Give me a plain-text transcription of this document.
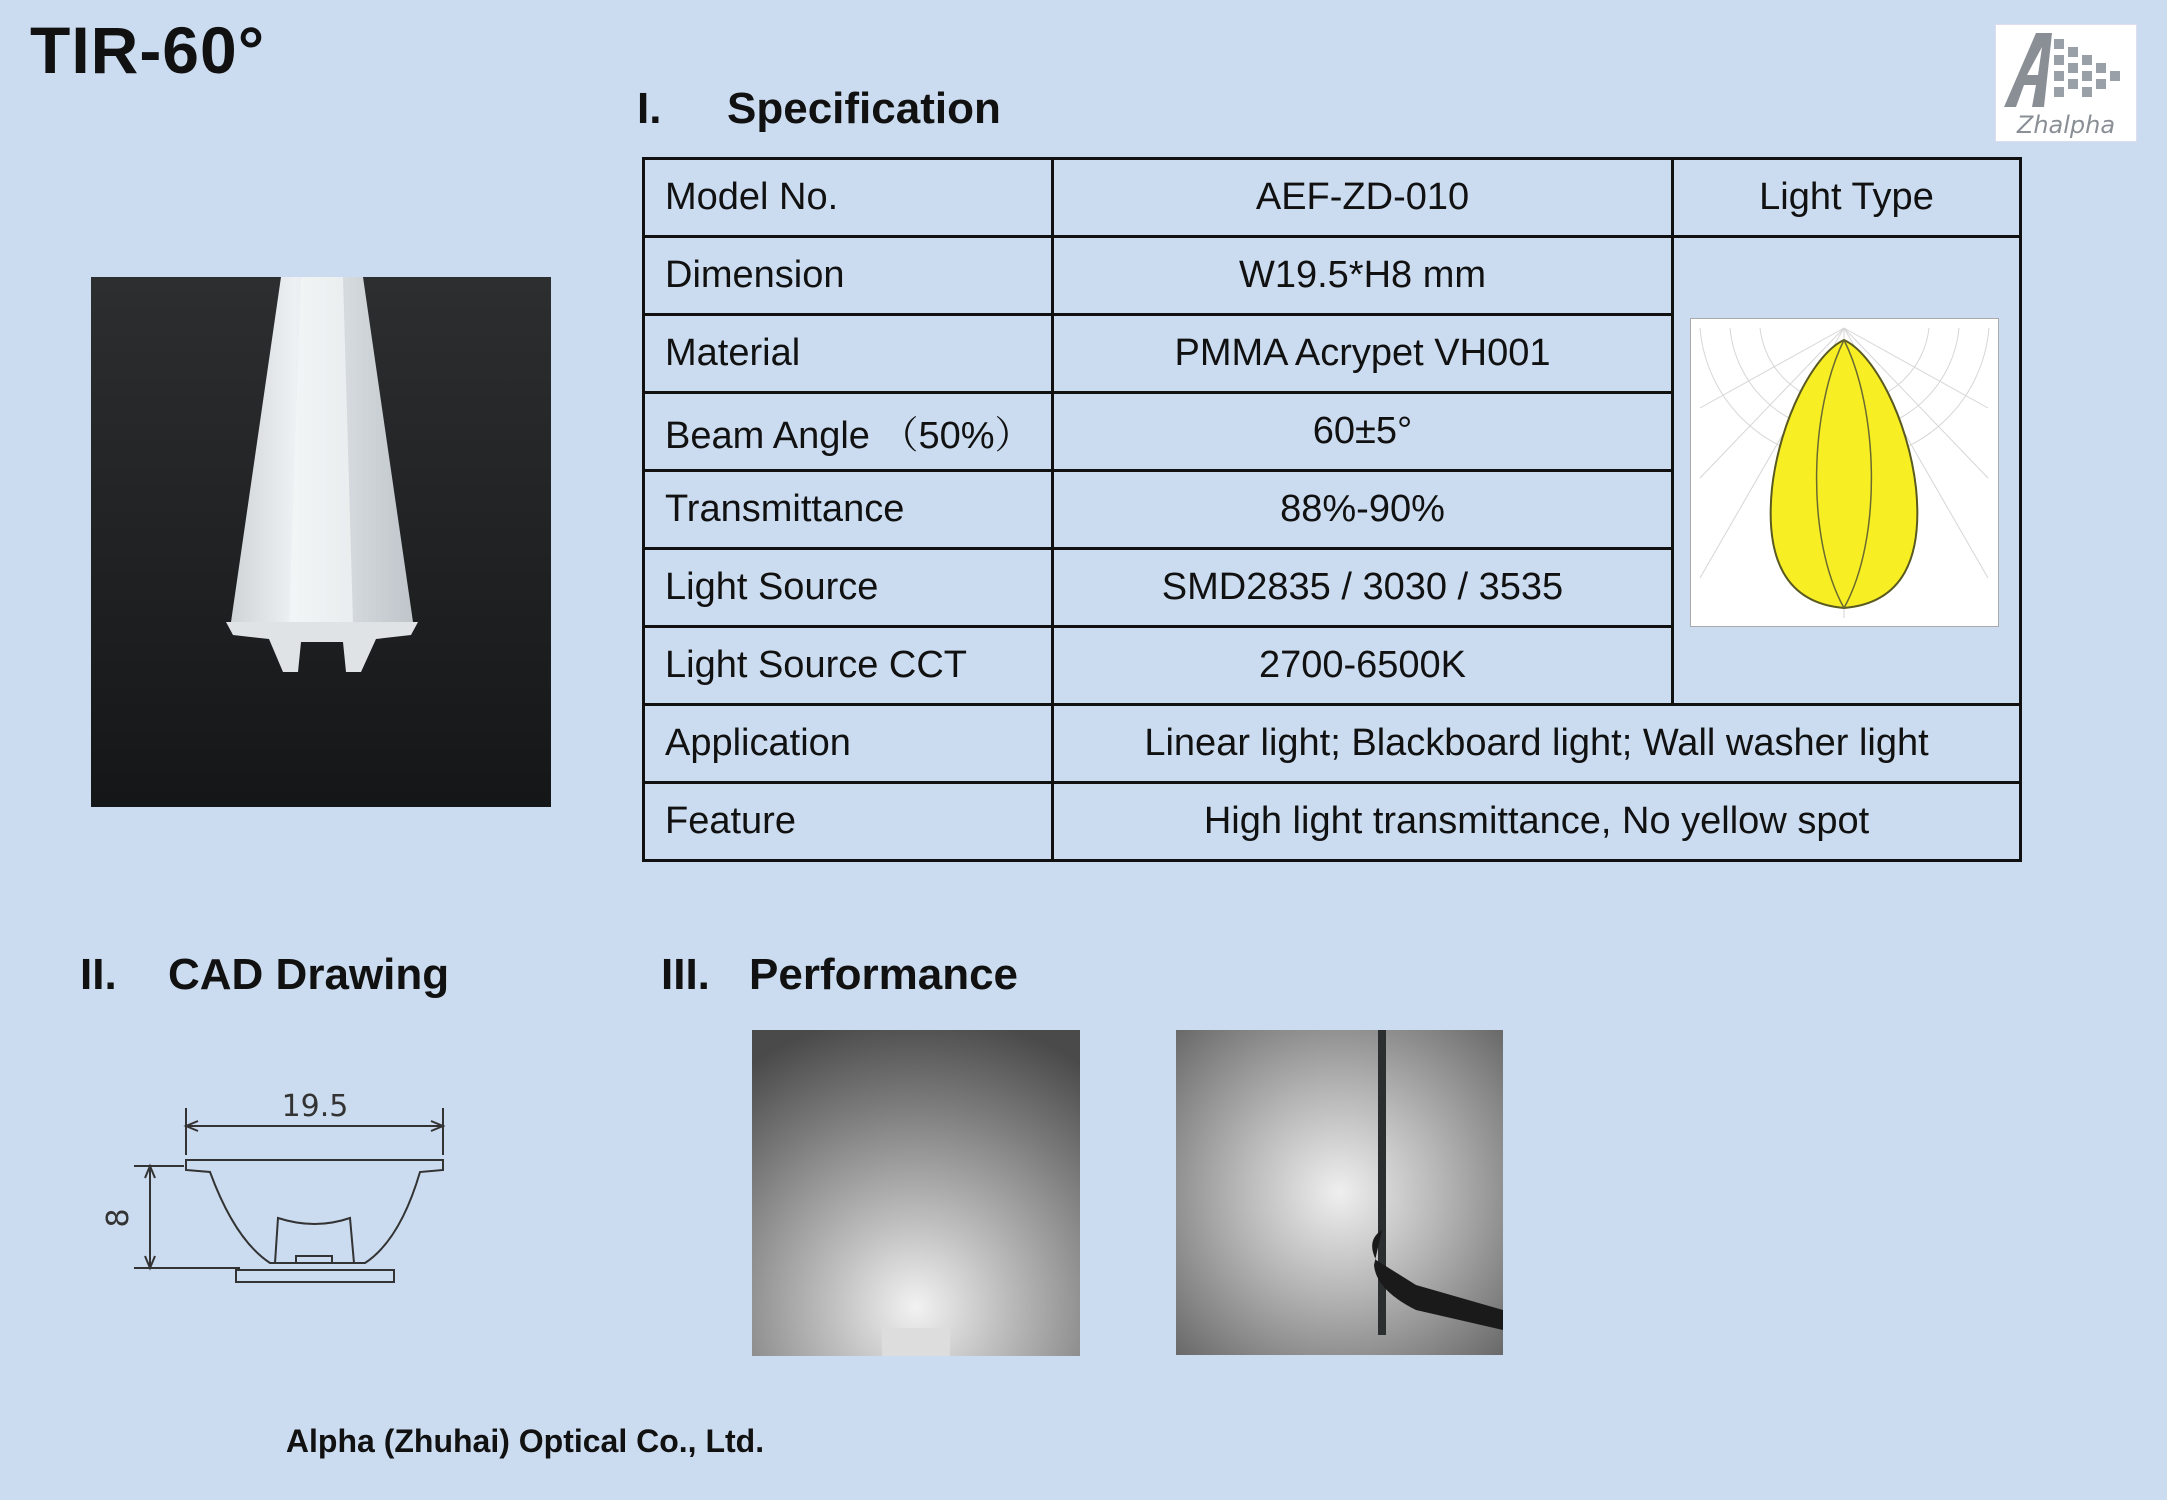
TIR-60°
Zhalpha
I. Specification
Model No.	AEF-ZD-010	Light Type
Dimension	W19.5*H8 mm	

Material	PMMA Acrypet VH001	
Beam Angle （50%）	60±5°	
Transmittance	88%-90%	
Light Source	SMD2835 / 3030 / 3535	
Light Source CCT	2700-6500K	
Application	Linear light; Blackboard light; Wall washer light	
Feature	High light transmittance, No yellow spot	
II. CAD Drawing	III. Performance
19.5
8
Alpha (Zhuhai) Optical Co., Ltd.
